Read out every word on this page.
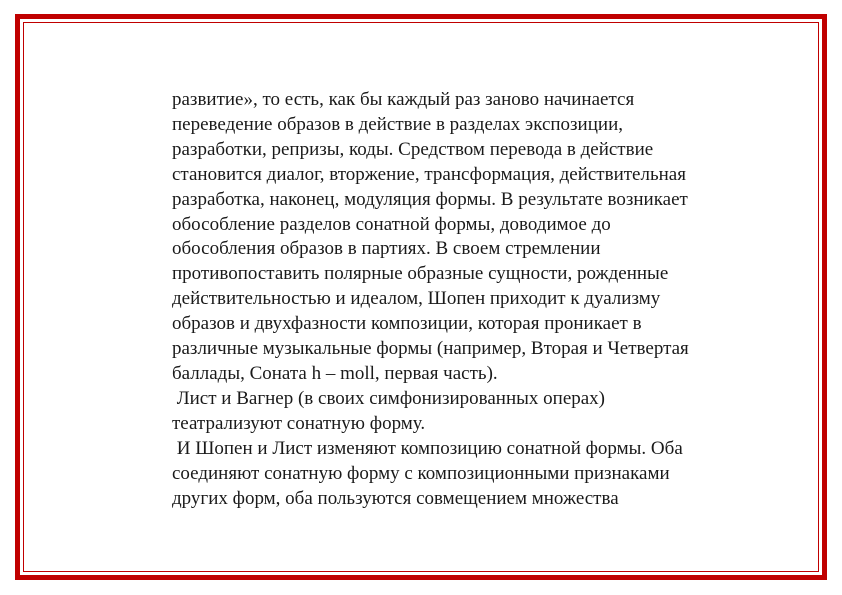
развитие», то есть, как бы каждый раз заново начинается
переведение образов в действие в разделах экспозиции,
разработки, репризы, коды. Средством перевода в действие
становится диалог, вторжение, трансформация, действительная
разработка, наконец, модуляция формы. В результате возникает
обособление разделов сонатной формы, доводимое до
обособления образов в партиях. В своем стремлении
противопоставить полярные образные сущности, рожденные
действительностью и идеалом, Шопен приходит к дуализму
образов и двухфазности композиции, которая проникает в
различные музыкальные формы (например, Вторая и Четвертая
баллады, Соната h – moll, первая часть).
Лист и Вагнер (в своих симфонизированных операх)
театрализуют сонатную форму.
И Шопен и Лист изменяют композицию сонатной формы. Оба
соединяют сонатную форму с композиционными признаками
других форм, оба пользуются совмещением множества
